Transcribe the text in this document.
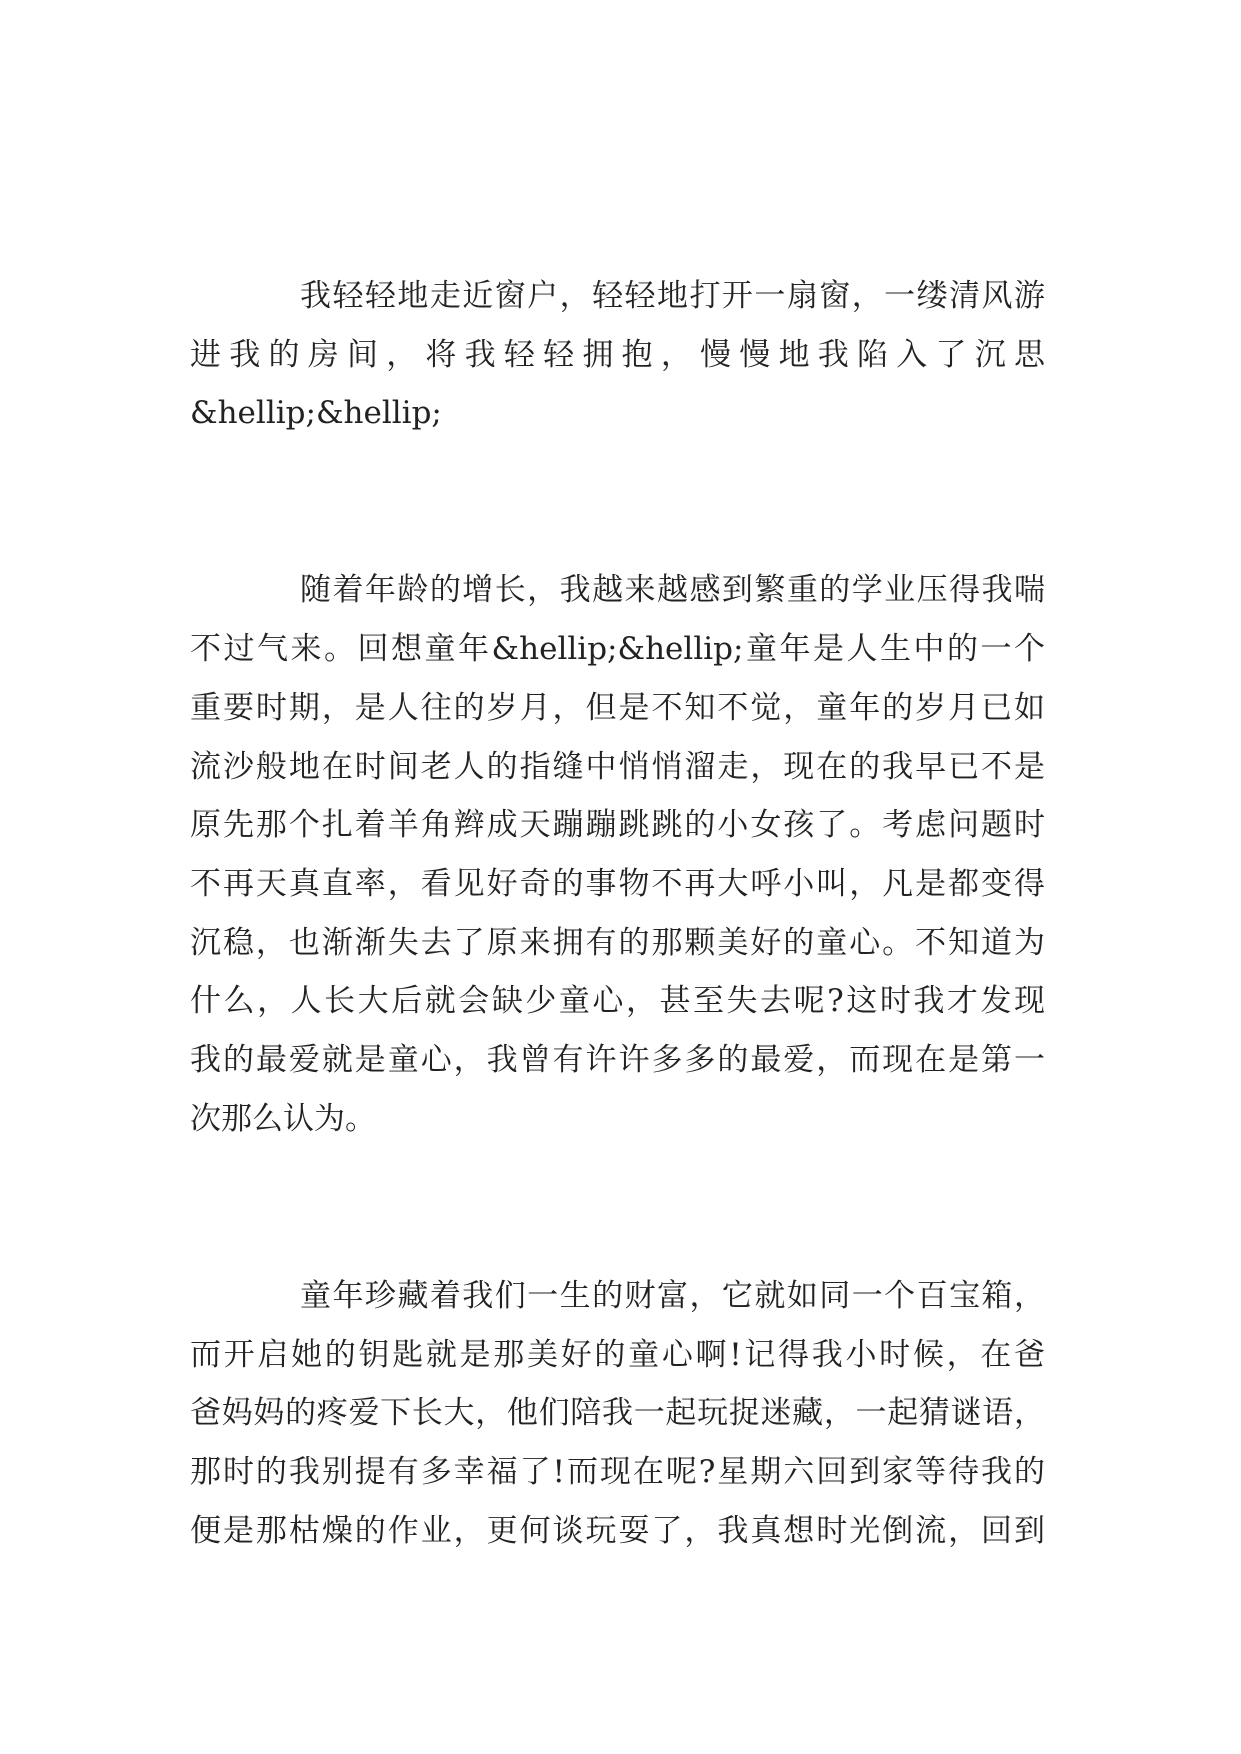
我轻轻地走近窗户，轻轻地打开一扇窗，一缕清风游
进我的房间，将我轻轻拥抱，慢慢地我陷入了沉思
&hellip;&hellip;
随着年龄的增长，我越来越感到繁重的学业压得我喘
不过气来。回想童年&hellip;&hellip;童年是人生中的一个
重要时期，是人往的岁月，但是不知不觉，童年的岁月已如
流沙般地在时间老人的指缝中悄悄溜走，现在的我早已不是
原先那个扎着羊角辫成天蹦蹦跳跳的小女孩了。考虑问题时
不再天真直率，看见好奇的事物不再大呼小叫，凡是都变得
沉稳，也渐渐失去了原来拥有的那颗美好的童心。不知道为
什么，人长大后就会缺少童心，甚至失去呢?这时我才发现
我的最爱就是童心，我曾有许许多多的最爱，而现在是第一
次那么认为。
童年珍藏着我们一生的财富，它就如同一个百宝箱，
而开启她的钥匙就是那美好的童心啊!记得我小时候，在爸
爸妈妈的疼爱下长大，他们陪我一起玩捉迷藏，一起猜谜语，
那时的我别提有多幸福了!而现在呢?星期六回到家等待我的
便是那枯燥的作业，更何谈玩耍了，我真想时光倒流，回到
